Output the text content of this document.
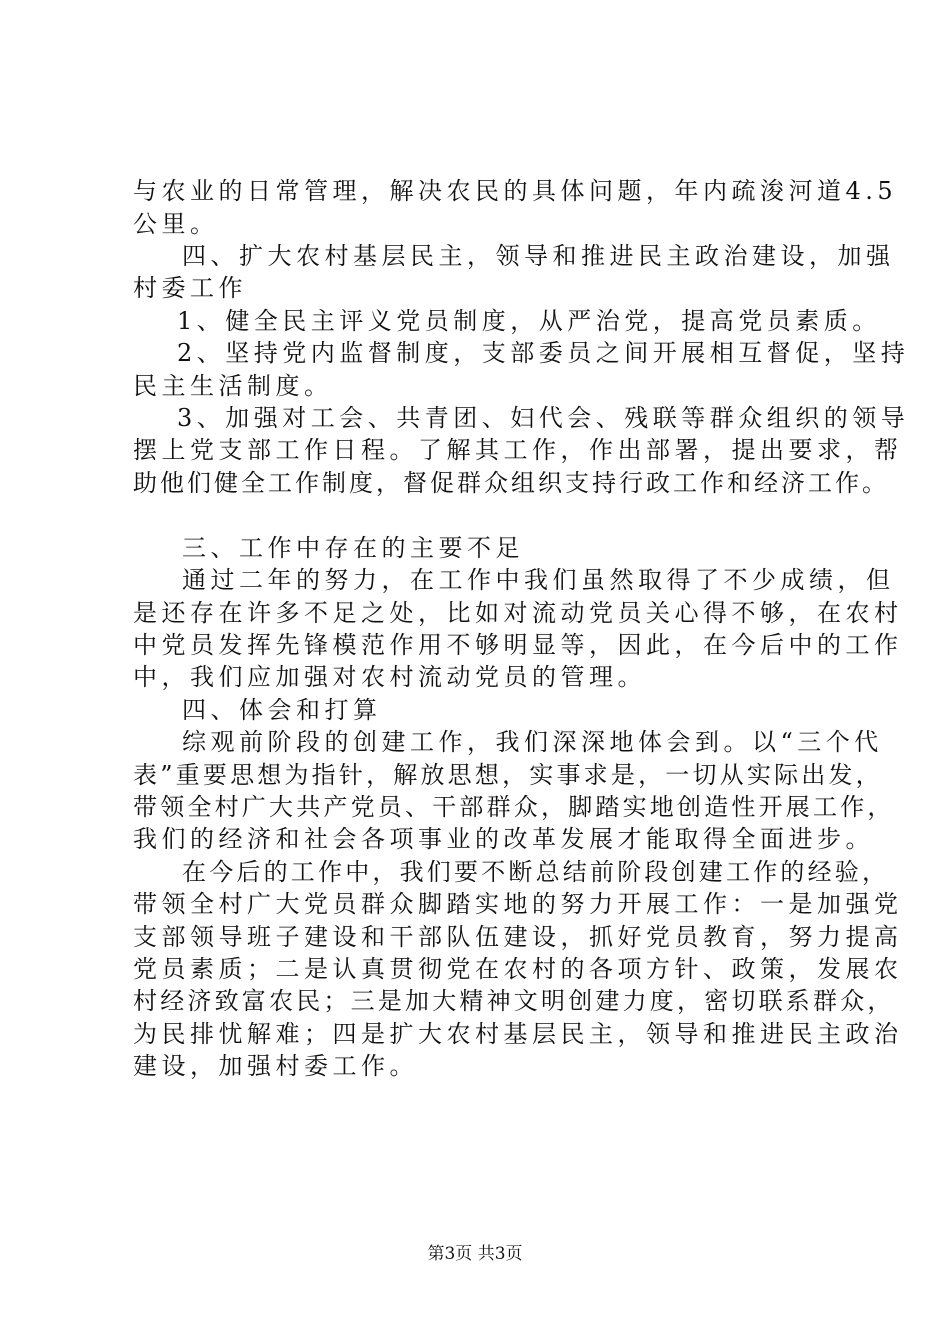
与农业的日常管理，解决农民的具体问题，年内疏浚河道4.5
公里。
四、扩大农村基层民主，领导和推进民主政治建设，加强
村委工作
1、健全民主评义党员制度，从严治党，提高党员素质。
2、坚持党内监督制度，支部委员之间开展相互督促，坚持
民主生活制度。
3、加强对工会、共青团、妇代会、残联等群众组织的领导
摆上党支部工作日程。了解其工作，作出部署，提出要求，帮
助他们健全工作制度，督促群众组织支持行政工作和经济工作。
三、工作中存在的主要不足
通过二年的努力，在工作中我们虽然取得了不少成绩，但
是还存在许多不足之处，比如对流动党员关心得不够，在农村
中党员发挥先锋模范作用不够明显等，因此，在今后中的工作
中，我们应加强对农村流动党员的管理。
四、体会和打算
综观前阶段的创建工作，我们深深地体会到。以“三个代
表”重要思想为指针，解放思想，实事求是，一切从实际出发，
带领全村广大共产党员、干部群众，脚踏实地创造性开展工作，
我们的经济和社会各项事业的改革发展才能取得全面进步。
在今后的工作中，我们要不断总结前阶段创建工作的经验，
带领全村广大党员群众脚踏实地的努力开展工作：一是加强党
支部领导班子建设和干部队伍建设，抓好党员教育，努力提高
党员素质；二是认真贯彻党在农村的各项方针、政策，发展农
村经济致富农民；三是加大精神文明创建力度，密切联系群众，
为民排忧解难；四是扩大农村基层民主，领导和推进民主政治
建设，加强村委工作。
第3页 共3页
